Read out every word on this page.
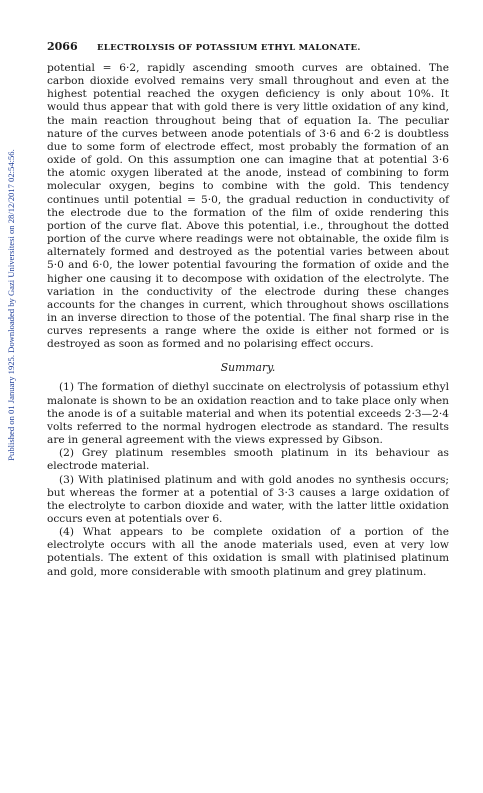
Published on 01 January 1925. Downloaded by Gazi Universitesi on 28/12/2017 02:54:56.
2066	ELECTROLYSIS OF POTASSIUM ETHYL MALONATE.

potential = 6·2, rapidly ascending smooth curves are obtained. The carbon dioxide evolved remains very small throughout and even at the highest potential reached the oxygen deficiency is only about 10%. It would thus appear that with gold there is very little oxidation of any kind, the main reaction throughout being that of equation Ia. The peculiar nature of the curves between anode potentials of 3·6 and 6·2 is doubtless due to some form of electrode effect, most probably the formation of an oxide of gold. On this assumption one can imagine that at potential 3·6 the atomic oxygen liberated at the anode, instead of combining to form molecular oxygen, begins to combine with the gold. This tendency continues until potential = 5·0, the gradual reduction in conductivity of the electrode due to the formation of the film of oxide rendering this portion of the curve flat. Above this potential, i.e., throughout the dotted portion of the curve where readings were not obtainable, the oxide film is alternately formed and destroyed as the potential varies between about 5·0 and 6·0, the lower potential favouring the formation of oxide and the higher one causing it to decompose with oxidation of the electrolyte. The variation in the conductivity of the electrode during these changes accounts for the changes in current, which throughout shows oscillations in an inverse direction to those of the potential. The final sharp rise in the curves represents a range where the oxide is either not formed or is destroyed as soon as formed and no polarising effect occurs.

Summary.

(1) The formation of diethyl succinate on electrolysis of potassium ethyl malonate is shown to be an oxidation reaction and to take place only when the anode is of a suitable material and when its potential exceeds 2·3—2·4 volts referred to the normal hydrogen electrode as standard. The results are in general agreement with the views expressed by Gibson.

(2) Grey platinum resembles smooth platinum in its behaviour as electrode material.

(3) With platinised platinum and with gold anodes no synthesis occurs; but whereas the former at a potential of 3·3 causes a large oxidation of the electrolyte to carbon dioxide and water, with the latter little oxidation occurs even at potentials over 6.

(4) What appears to be complete oxidation of a portion of the electrolyte occurs with all the anode materials used, even at very low potentials. The extent of this oxidation is small with platinised platinum and gold, more considerable with smooth platinum and grey platinum.
